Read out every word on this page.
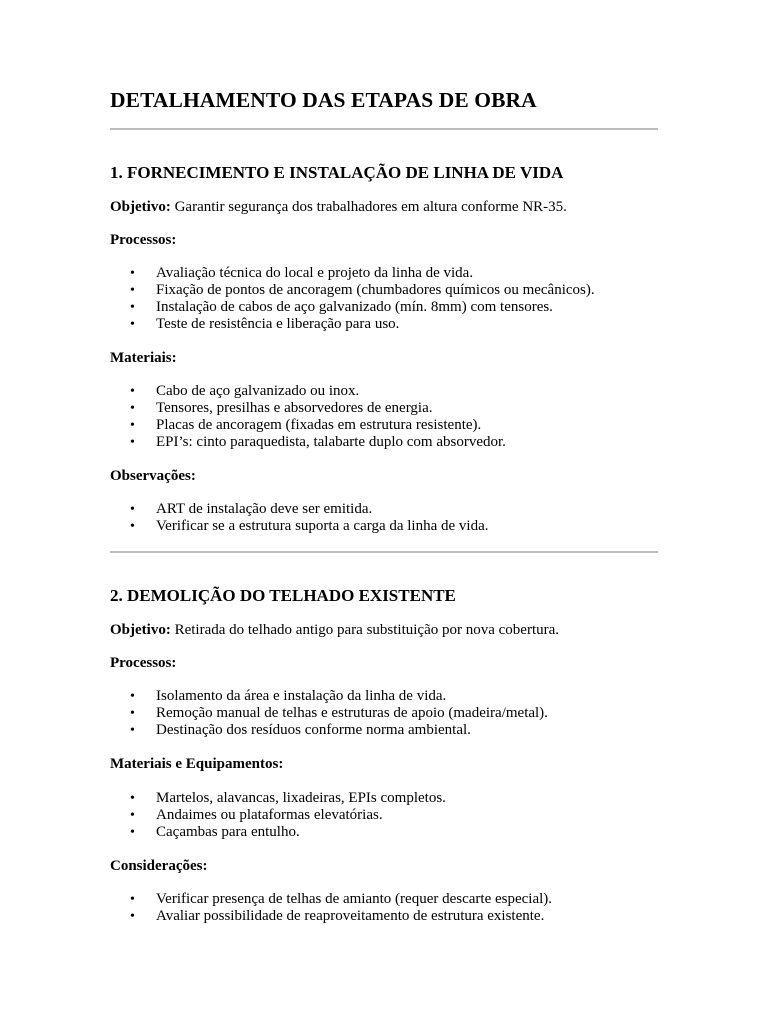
DETALHAMENTO DAS ETAPAS DE OBRA
1. FORNECIMENTO E INSTALAÇÃO DE LINHA DE VIDA
Objetivo: Garantir segurança dos trabalhadores em altura conforme NR-35.
Processos:
• Avaliação técnica do local e projeto da linha de vida.
• Fixação de pontos de ancoragem (chumbadores químicos ou mecânicos).
• Instalação de cabos de aço galvanizado (mín. 8mm) com tensores.
• Teste de resistência e liberação para uso.
Materiais:
• Cabo de aço galvanizado ou inox.
• Tensores, presilhas e absorvedores de energia.
• Placas de ancoragem (fixadas em estrutura resistente).
• EPI’s: cinto paraquedista, talabarte duplo com absorvedor.
Observações:
• ART de instalação deve ser emitida.
• Verificar se a estrutura suporta a carga da linha de vida.
2. DEMOLIÇÃO DO TELHADO EXISTENTE
Objetivo: Retirada do telhado antigo para substituição por nova cobertura.
Processos:
• Isolamento da área e instalação da linha de vida.
• Remoção manual de telhas e estruturas de apoio (madeira/metal).
• Destinação dos resíduos conforme norma ambiental.
Materiais e Equipamentos:
• Martelos, alavancas, lixadeiras, EPIs completos.
• Andaimes ou plataformas elevatórias.
• Caçambas para entulho.
Considerações:
• Verificar presença de telhas de amianto (requer descarte especial).
• Avaliar possibilidade de reaproveitamento de estrutura existente.
